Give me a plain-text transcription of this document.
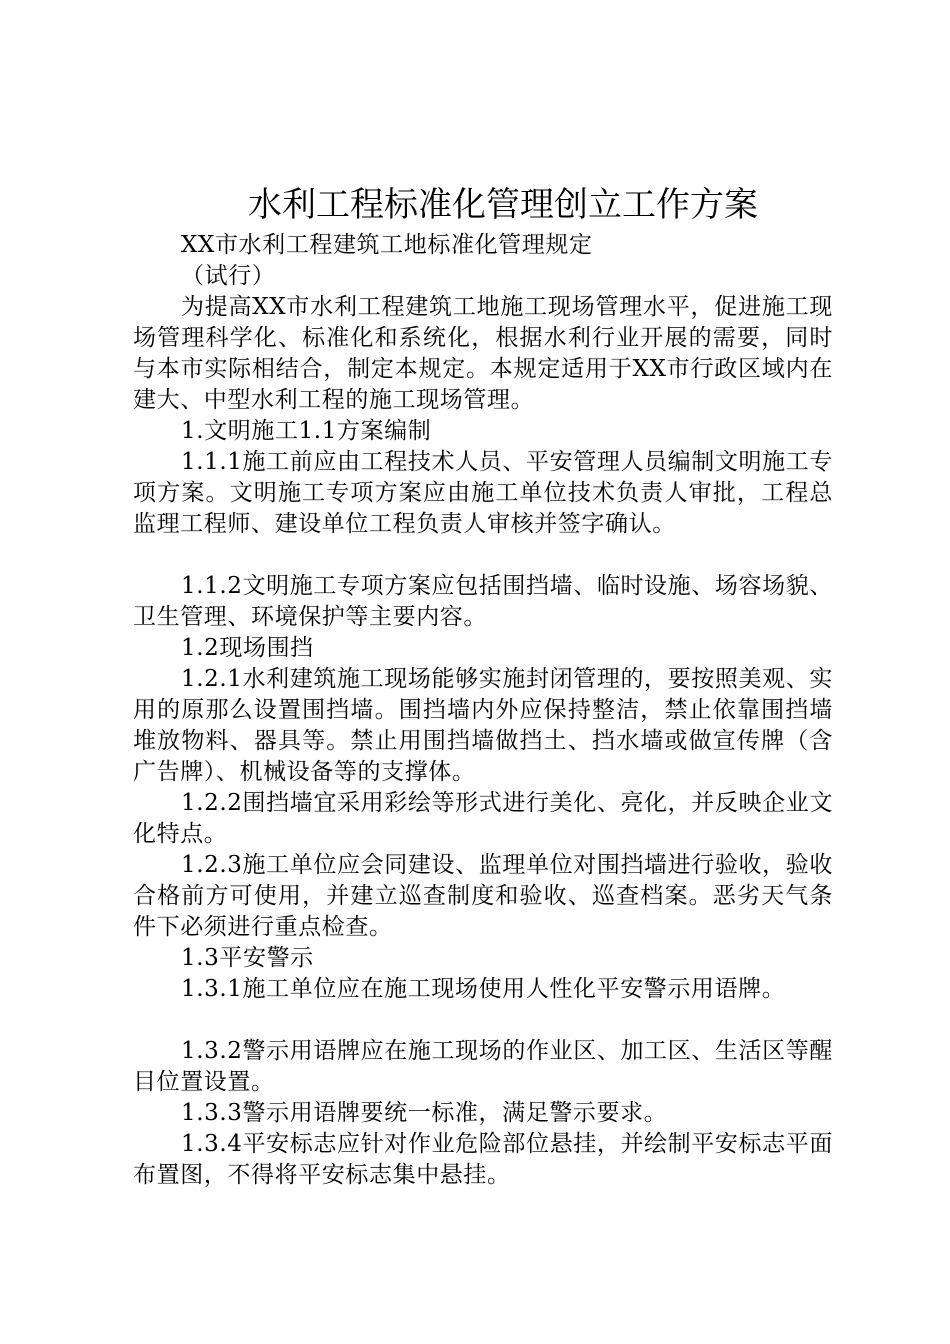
水利工程标准化管理创立工作方案
XX市水利工程建筑工地标准化管理规定
（试行）

为提高XX市水利工程建筑工地施工现场管理水平，促进施工现场管理科学化、标准化和系统化，根据水利行业开展的需要，同时与本市实际相结合，制定本规定。本规定适用于XX市行政区域内在建大、中型水利工程的施工现场管理。

1.文明施工1.1方案编制

1.1.1施工前应由工程技术人员、平安管理人员编制文明施工专项方案。文明施工专项方案应由施工单位技术负责人审批，工程总监理工程师、建设单位工程负责人审核并签字确认。

1.1.2文明施工专项方案应包括围挡墙、临时设施、场容场貌、卫生管理、环境保护等主要内容。

1.2现场围挡

1.2.1水利建筑施工现场能够实施封闭管理的，要按照美观、实用的原那么设置围挡墙。围挡墙内外应保持整洁，禁止依靠围挡墙堆放物料、器具等。禁止用围挡墙做挡土、挡水墙或做宣传牌（含广告牌）、机械设备等的支撑体。

1.2.2围挡墙宜采用彩绘等形式进行美化、亮化，并反映企业文化特点。

1.2.3施工单位应会同建设、监理单位对围挡墙进行验收，验收合格前方可使用，并建立巡查制度和验收、巡查档案。恶劣天气条件下必须进行重点检查。

1.3平安警示

1.3.1施工单位应在施工现场使用人性化平安警示用语牌。

1.3.2警示用语牌应在施工现场的作业区、加工区、生活区等醒目位置设置。

1.3.3警示用语牌要统一标准，满足警示要求。

1.3.4平安标志应针对作业危险部位悬挂，并绘制平安标志平面布置图，不得将平安标志集中悬挂。
